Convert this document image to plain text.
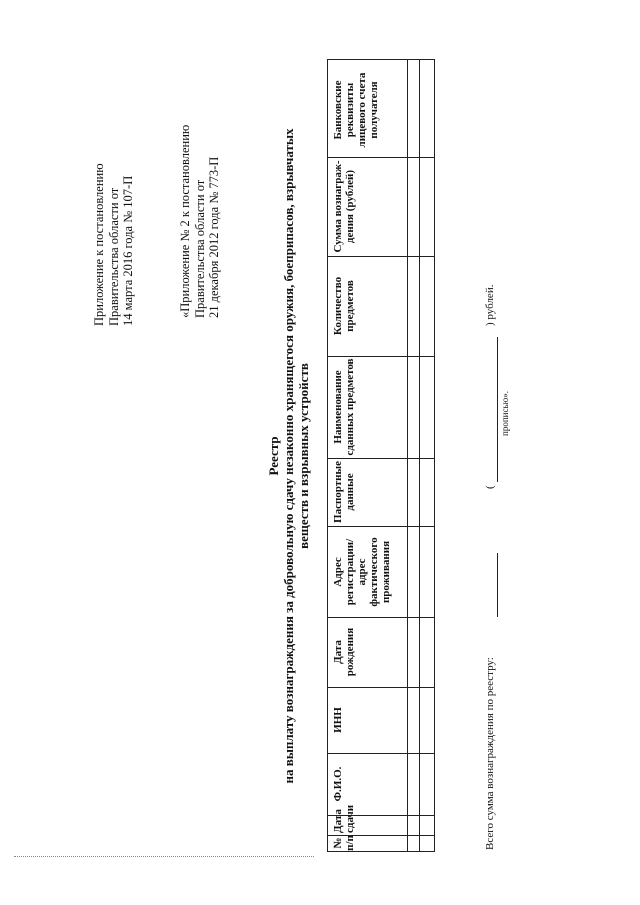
Приложение к постановлению Правительства области от 14 марта 2016 года № 107-П	«Приложение № 2 к постановлению Правительства области от 21 декабря 2012 года № 773-П
Реестр на выплату вознаграждения за добровольную сдачу незаконно хранящегося оружия, боеприпасов, взрывчатых веществ и взрывных устройств
№ п/п
Дата сдачи
Ф.И.О.
ИНН
Дата рождения
Адрес регистрации/ адрес фактического проживания
Паспортные данные
Наименование сданных предметов
Количество предметов
Сумма вознаграж-дения (рублей)
Банковские реквизиты лицевого счета получателя
Всего сумма вознаграждения по реестру:
(
) рублей.
прописью».
